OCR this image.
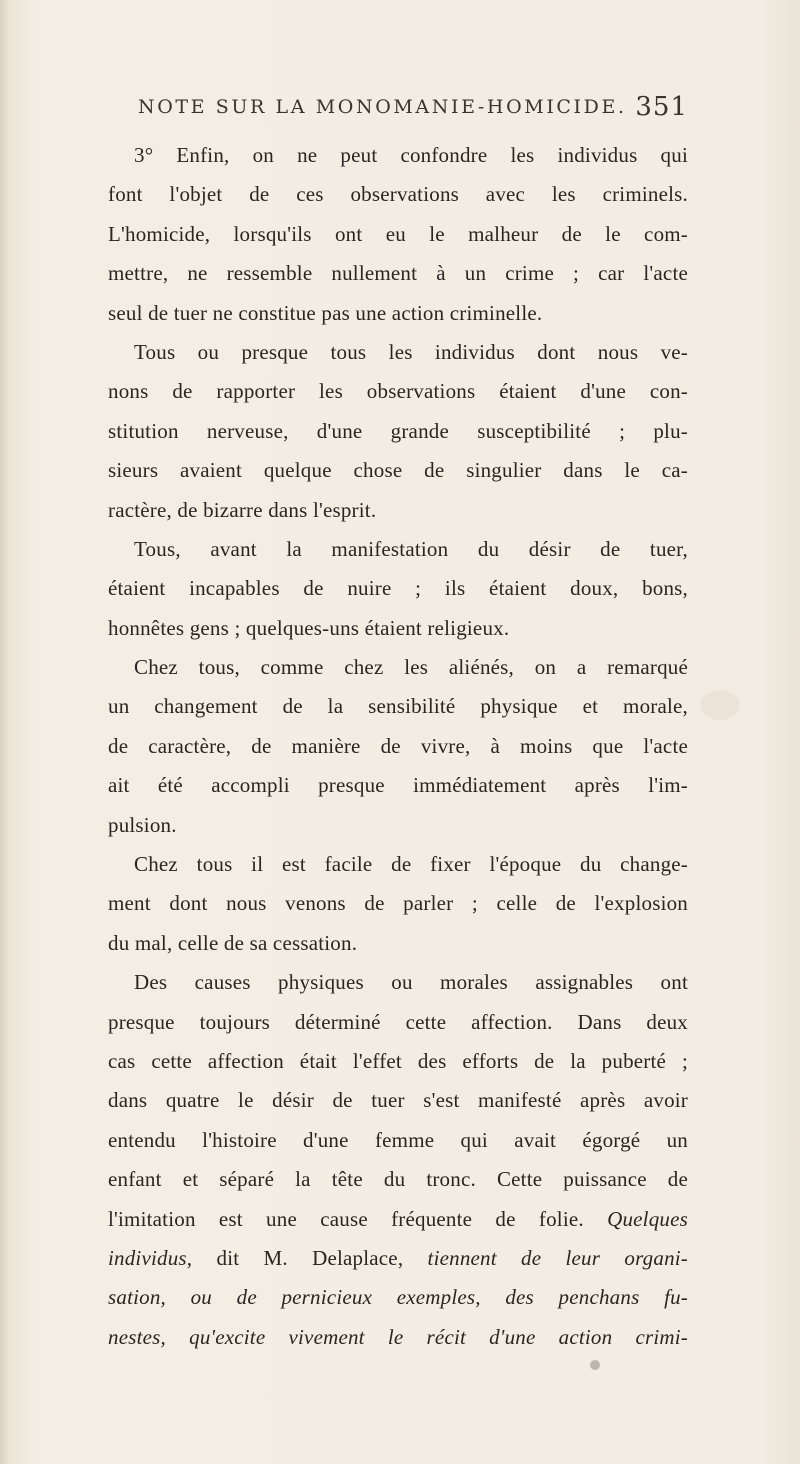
NOTE SUR LA MONOMANIE-HOMICIDE. 351
3° Enfin, on ne peut confondre les individus qui
font l'objet de ces observations avec les criminels.
L'homicide, lorsqu'ils ont eu le malheur de le com-
mettre, ne ressemble nullement à un crime ; car l'acte
seul de tuer ne constitue pas une action criminelle.
Tous ou presque tous les individus dont nous ve-
nons de rapporter les observations étaient d'une con-
stitution nerveuse, d'une grande susceptibilité ; plu-
sieurs avaient quelque chose de singulier dans le ca-
ractère, de bizarre dans l'esprit.
Tous, avant la manifestation du désir de tuer,
étaient incapables de nuire ; ils étaient doux, bons,
honnêtes gens ; quelques-uns étaient religieux.
Chez tous, comme chez les aliénés, on a remarqué
un changement de la sensibilité physique et morale,
de caractère, de manière de vivre, à moins que l'acte
ait été accompli presque immédiatement après l'im-
pulsion.
Chez tous il est facile de fixer l'époque du change-
ment dont nous venons de parler ; celle de l'explosion
du mal, celle de sa cessation.
Des causes physiques ou morales assignables ont
presque toujours déterminé cette affection. Dans deux
cas cette affection était l'effet des efforts de la puberté ;
dans quatre le désir de tuer s'est manifesté après avoir
entendu l'histoire d'une femme qui avait égorgé un
enfant et séparé la tête du tronc. Cette puissance de
l'imitation est une cause fréquente de folie. Quelques
individus, dit M. Delaplace, tiennent de leur organi-
sation, ou de pernicieux exemples, des penchans fu-
nestes, qu'excite vivement le récit d'une action crimi-
